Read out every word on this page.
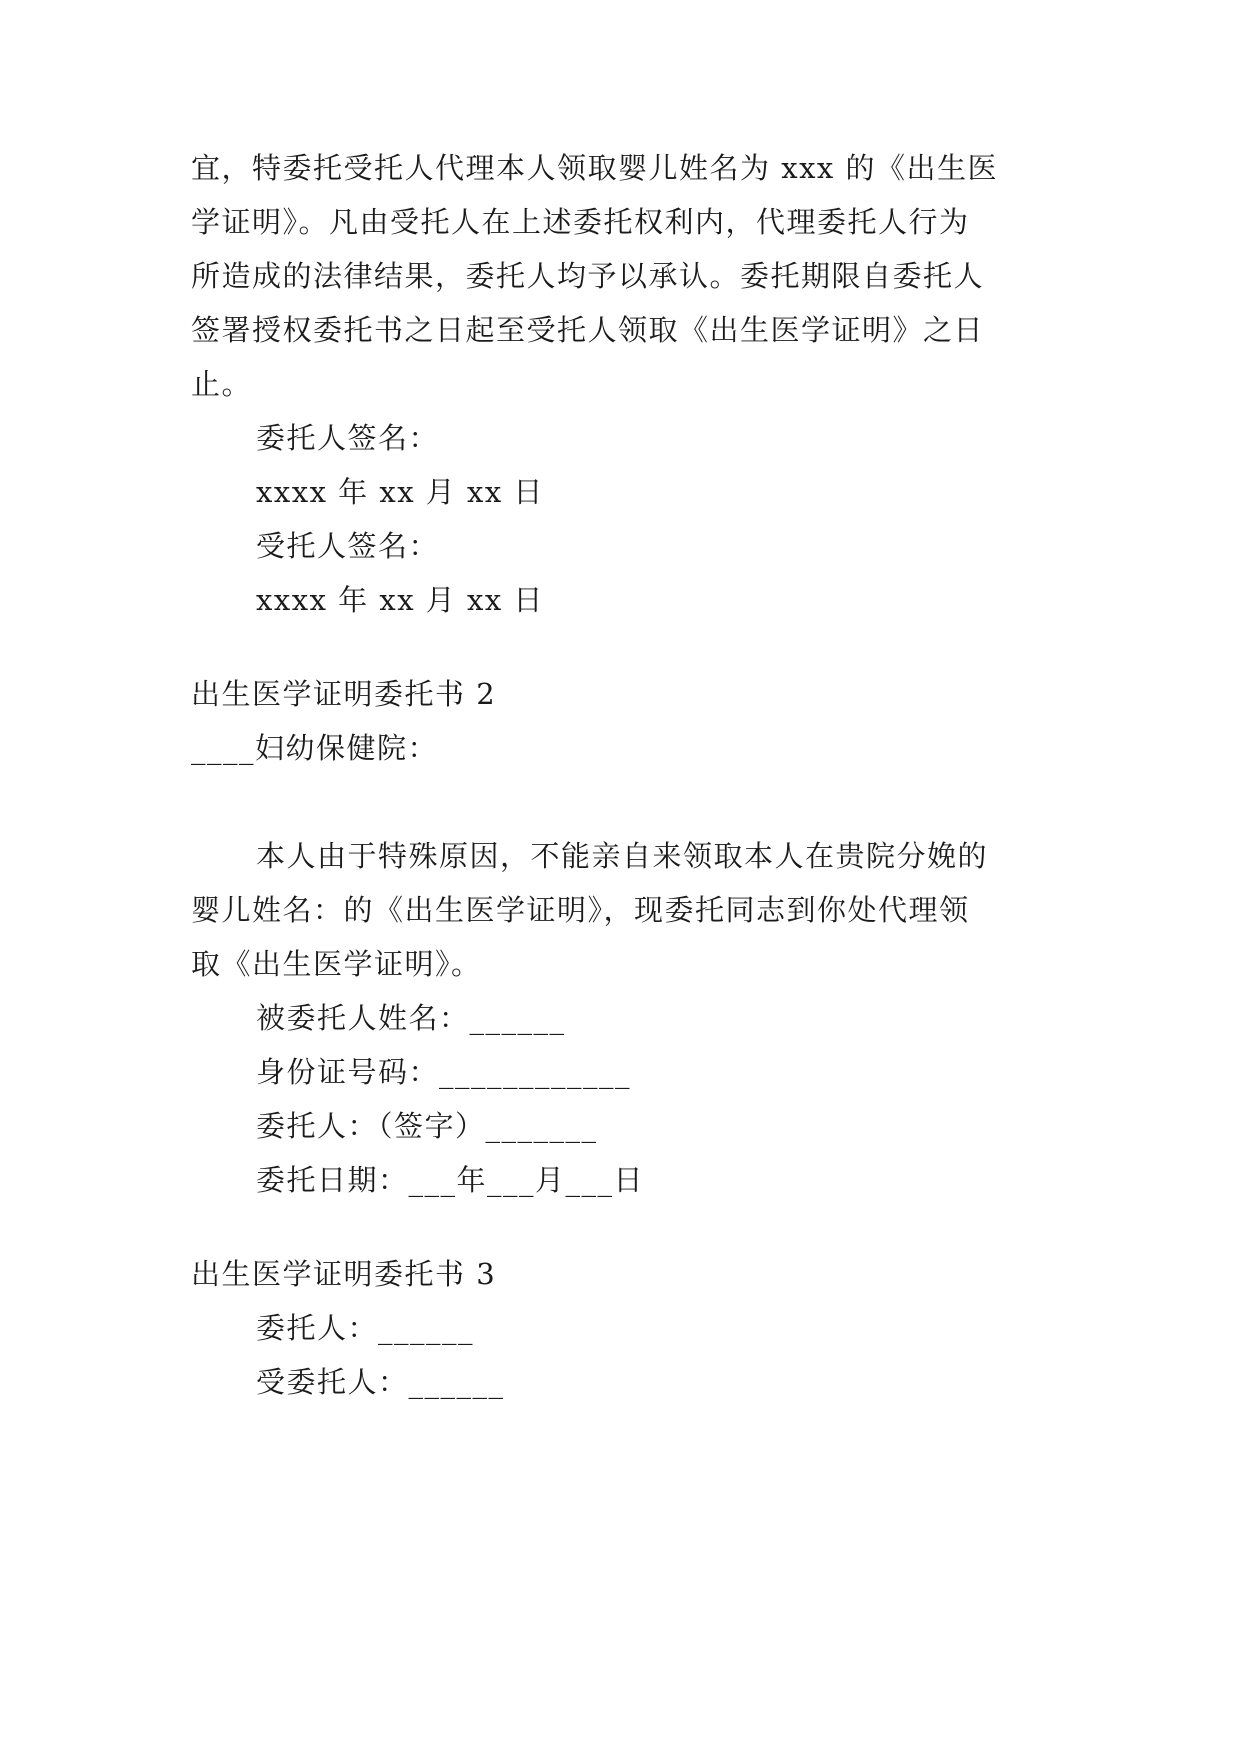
宜，特委托受托人代理本人领取婴儿姓名为 xxx 的《出生医
学证明》。凡由受托人在上述委托权利内，代理委托人行为
所造成的法律结果，委托人均予以承认。委托期限自委托人
签署授权委托书之日起至受托人领取《出生医学证明》之日
止。
委托人签名：
xxxx 年 xx 月 xx 日
受托人签名：
xxxx 年 xx 月 xx 日
出生医学证明委托书 2
____妇幼保健院：
本人由于特殊原因，不能亲自来领取本人在贵院分娩的
婴儿姓名：的《出生医学证明》，现委托同志到你处代理领
取《出生医学证明》。
被委托人姓名：______
身份证号码：____________
委托人：（签字）_______
委托日期：___年___月___日
出生医学证明委托书 3
委托人：______
受委托人：______
